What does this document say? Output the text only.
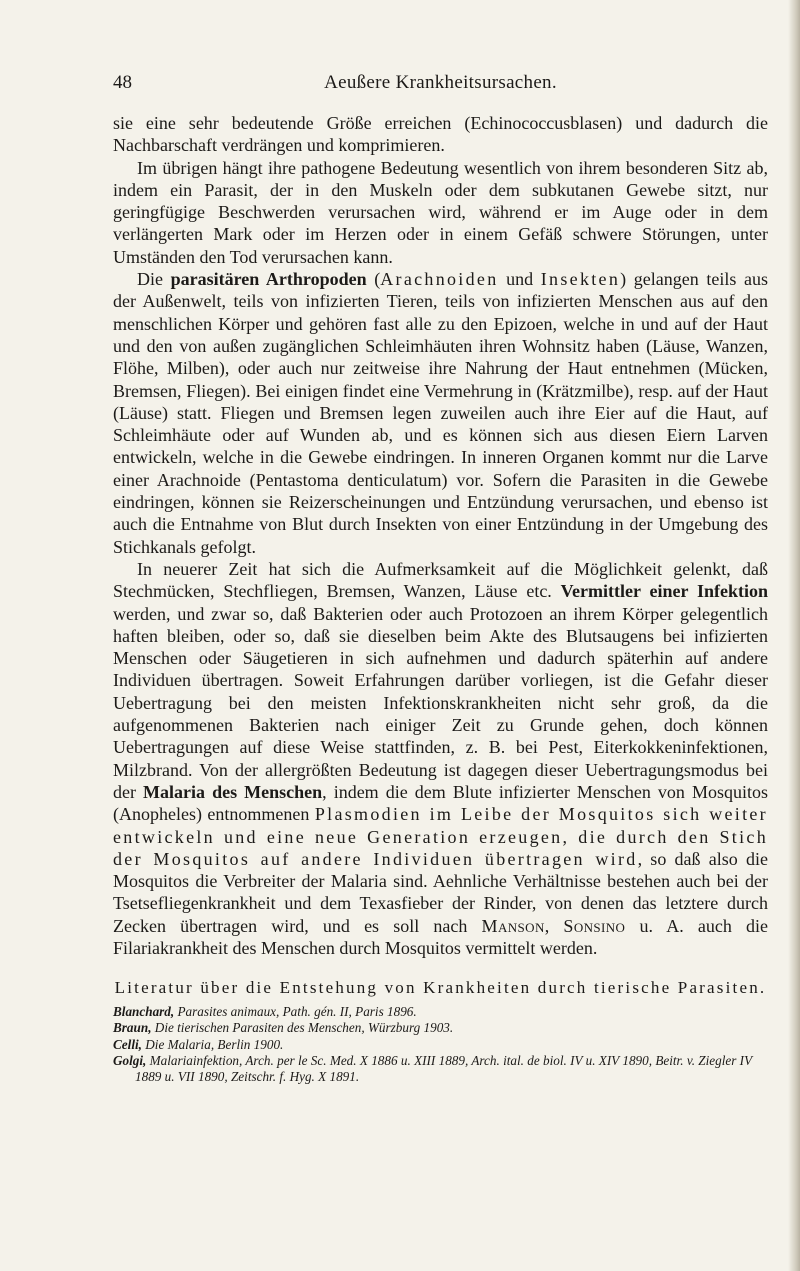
48	Aeußere Krankheitsursachen.

sie eine sehr bedeutende Größe erreichen (Echinococcusblasen) und dadurch die Nachbarschaft verdrängen und komprimieren.

Im übrigen hängt ihre pathogene Bedeutung wesentlich von ihrem besonderen Sitz ab, indem ein Parasit, der in den Muskeln oder dem subkutanen Gewebe sitzt, nur geringfügige Beschwerden verursachen wird, während er im Auge oder in dem verlängerten Mark oder im Herzen oder in einem Gefäß schwere Störungen, unter Umständen den Tod verursachen kann.

Die parasitären Arthropoden (Arachnoiden und Insekten) gelangen teils aus der Außenwelt, teils von infizierten Tieren, teils von infizierten Menschen aus auf den menschlichen Körper und gehören fast alle zu den Epizoen, welche in und auf der Haut und den von außen zugänglichen Schleimhäuten ihren Wohnsitz haben (Läuse, Wanzen, Flöhe, Milben), oder auch nur zeitweise ihre Nahrung der Haut entnehmen (Mücken, Bremsen, Fliegen). Bei einigen findet eine Vermehrung in (Krätzmilbe), resp. auf der Haut (Läuse) statt. Fliegen und Bremsen legen zuweilen auch ihre Eier auf die Haut, auf Schleimhäute oder auf Wunden ab, und es können sich aus diesen Eiern Larven entwickeln, welche in die Gewebe eindringen. In inneren Organen kommt nur die Larve einer Arachnoide (Pentastoma denticulatum) vor. Sofern die Parasiten in die Gewebe eindringen, können sie Reizerscheinungen und Entzündung verursachen, und ebenso ist auch die Entnahme von Blut durch Insekten von einer Entzündung in der Umgebung des Stichkanals gefolgt.

In neuerer Zeit hat sich die Aufmerksamkeit auf die Möglichkeit gelenkt, daß Stechmücken, Stechfliegen, Bremsen, Wanzen, Läuse etc. Vermittler einer Infektion werden, und zwar so, daß Bakterien oder auch Protozoen an ihrem Körper gelegentlich haften bleiben, oder so, daß sie dieselben beim Akte des Blutsaugens bei infizierten Menschen oder Säugetieren in sich aufnehmen und dadurch späterhin auf andere Individuen übertragen. Soweit Erfahrungen darüber vorliegen, ist die Gefahr dieser Uebertragung bei den meisten Infektionskrankheiten nicht sehr groß, da die aufgenommenen Bakterien nach einiger Zeit zu Grunde gehen, doch können Uebertragungen auf diese Weise stattfinden, z. B. bei Pest, Eiterkokkeninfektionen, Milzbrand. Von der allergrößten Bedeutung ist dagegen dieser Uebertragungsmodus bei der Malaria des Menschen, indem die dem Blute infizierter Menschen von Mosquitos (Anopheles) entnommenen Plasmodien im Leibe der Mosquitos sich weiter entwickeln und eine neue Generation erzeugen, die durch den Stich der Mosquitos auf andere Individuen übertragen wird, so daß also die Mosquitos die Verbreiter der Malaria sind. Aehnliche Verhältnisse bestehen auch bei der Tsetsefliegenkrankheit und dem Texasfieber der Rinder, von denen das letztere durch Zecken übertragen wird, und es soll nach Manson, Sonsino u. A. auch die Filariakrankheit des Menschen durch Mosquitos vermittelt werden.

Literatur über die Entstehung von Krankheiten durch tierische Parasiten.
Blanchard, Parasites animaux, Path. gén. II, Paris 1896.
Braun, Die tierischen Parasiten des Menschen, Würzburg 1903.
Celli, Die Malaria, Berlin 1900.
Golgi, Malariainfektion, Arch. per le Sc. Med. X 1886 u. XIII 1889, Arch. ital. de biol. IV u. XIV 1890, Beitr. v. Ziegler IV 1889 u. VII 1890, Zeitschr. f. Hyg. X 1891.
